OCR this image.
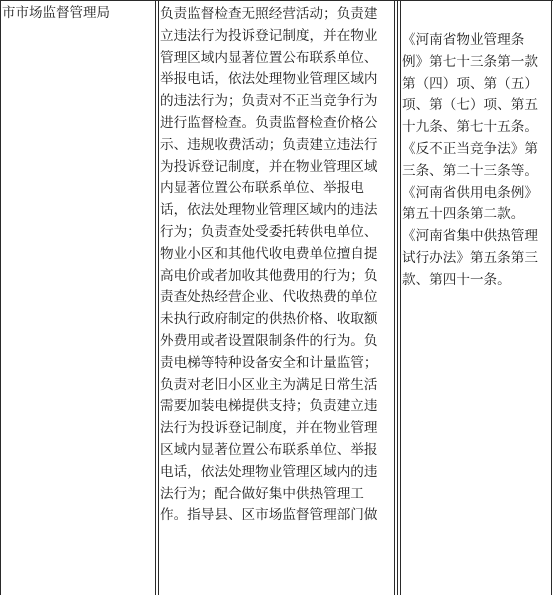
市市场监督管理局	负责监督检查无照经营活动；负责建

立违法行为投诉登记制度，并在物业

管理区域内显著位置公布联系单位、

举报电话，依法处理物业管理区域内

的违法行为；负责对不正当竞争行为

进行监督检查。负责监督检查价格公

示、违规收费活动；负责建立违法行

为投诉登记制度，并在物业管理区域

内显著位置公布联系单位、举报电

话，依法处理物业管理区域内的违法

行为；负责查处受委托转供电单位、

物业小区和其他代收电费单位擅自提

高电价或者加收其他费用的行为；负

责查处热经营企业、代收热费的单位

未执行政府制定的供热价格、收取额

外费用或者设置限制条件的行为。负

责电梯等特种设备安全和计量监管；

负责对老旧小区业主为满足日常生活

需要加装电梯提供支持；负责建立违

法行为投诉登记制度，并在物业管理

区域内显著位置公布联系单位、举报

电话，依法处理物业管理区域内的违

法行为；配合做好集中供热管理工

作。指导县、区市场监督管理部门做

《河南省物业管理条

例》第七十三条第一款

第（四）项、第（五）

项、第（七）项、第五

十九条、第七十五条。

《反不正当竞争法》第

三条、第二十三条等。

《河南省供用电条例》

第五十四条第二款。

《河南省集中供热管理

试行办法》第五条第三

款、第四十一条。
